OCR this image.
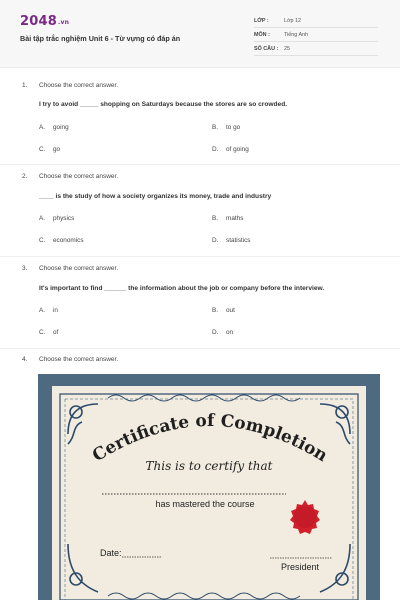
2048.vn
Bài tập trắc nghiệm Unit 6 - Từ vựng có đáp án
LỚP :	Lớp 12
MÔN :	Tiếng Anh
SỐ CÂU : 25
1. Choose the correct answer.
I try to avoid _____ shopping on Saturdays because the stores are so crowded.
A. going	B. to go
C. go	D. of going
2. Choose the correct answer.
____ is the study of how a society organizes its money, trade and industry
A. physics	B. maths
C. economics	D. statistics
3. Choose the correct answer.
It's important to find ______ the information about the job or company before the interview.
A. in	B. out
C. of	D. on
4. Choose the correct answer.
Certificate of Completion
This is to certify that
has mastered the course
Date:
President
